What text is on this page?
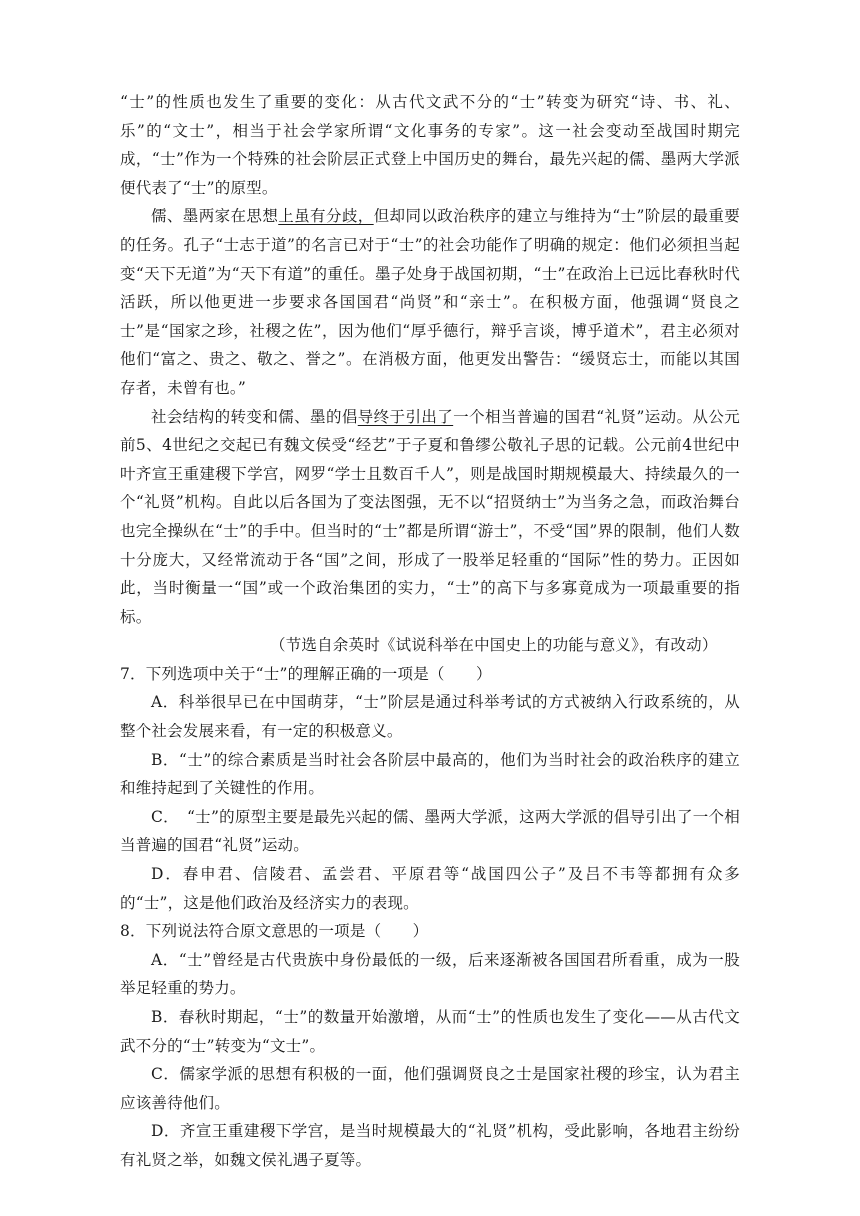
“士”的性质也发生了重要的变化：从古代文武不分的“士”转变为研究“诗、书、礼、乐”的“文士”，相当于社会学家所谓“文化事务的专家”。这一社会变动至战国时期完成，“士”作为一个特殊的社会阶层正式登上中国历史的舞台，最先兴起的儒、墨两大学派便代表了“士”的原型。

儒、墨两家在思想上虽有分歧，但却同以政治秩序的建立与维持为“士”阶层的最重要的任务。孔子“士志于道”的名言已对于“士”的社会功能作了明确的规定：他们必须担当起变“天下无道”为“天下有道”的重任。墨子处身于战国初期，“士”在政治上已远比春秋时代活跃，所以他更进一步要求各国国君“尚贤”和“亲士”。在积极方面，他强调“贤良之士”是“国家之珍，社稷之佐”，因为他们“厚乎德行，辩乎言谈，博乎道术”，君主必须对他们“富之、贵之、敬之、誉之”。在消极方面，他更发出警告：“缓贤忘士，而能以其国存者，未曾有也。”

社会结构的转变和儒、墨的倡导终于引出了一个相当普遍的国君“礼贤”运动。从公元前5、4世纪之交起已有魏文侯受“经艺”于子夏和鲁缪公敬礼子思的记载。公元前4世纪中叶齐宣王重建稷下学宫，网罗“学士且数百千人”，则是战国时期规模最大、持续最久的一个“礼贤”机构。自此以后各国为了变法图强，无不以“招贤纳士”为当务之急，而政治舞台也完全操纵在“士”的手中。但当时的“士”都是所谓“游士”，不受“国”界的限制，他们人数十分庞大，又经常流动于各“国”之间，形成了一股举足轻重的“国际”性的势力。正因如此，当时衡量一“国”或一个政治集团的实力，“士”的高下与多寡竟成为一项最重要的指标。

（节选自余英时《试说科举在中国史上的功能与意义》，有改动）

7．下列选项中关于“士”的理解正确的一项是（　　）

A．科举很早已在中国萌芽，“士”阶层是通过科举考试的方式被纳入行政系统的，从整个社会发展来看，有一定的积极意义。

B．“士”的综合素质是当时社会各阶层中最高的，他们为当时社会的政治秩序的建立和维持起到了关键性的作用。

C．　“士”的原型主要是最先兴起的儒、墨两大学派，这两大学派的倡导引出了一个相当普遍的国君“礼贤”运动。

D．春申君、信陵君、孟尝君、平原君等“战国四公子”及吕不韦等都拥有众多的“士”，这是他们政治及经济实力的表现。

8．下列说法符合原文意思的一项是（　　）

A．“士”曾经是古代贵族中身份最低的一级，后来逐渐被各国国君所看重，成为一股举足轻重的势力。

B．春秋时期起，“士”的数量开始激增，从而“士”的性质也发生了变化——从古代文武不分的“士”转变为“文士”。

C．儒家学派的思想有积极的一面，他们强调贤良之士是国家社稷的珍宝，认为君主应该善待他们。

D．齐宣王重建稷下学宫，是当时规模最大的“礼贤”机构，受此影响，各地君主纷纷有礼贤之举，如魏文侯礼遇子夏等。
